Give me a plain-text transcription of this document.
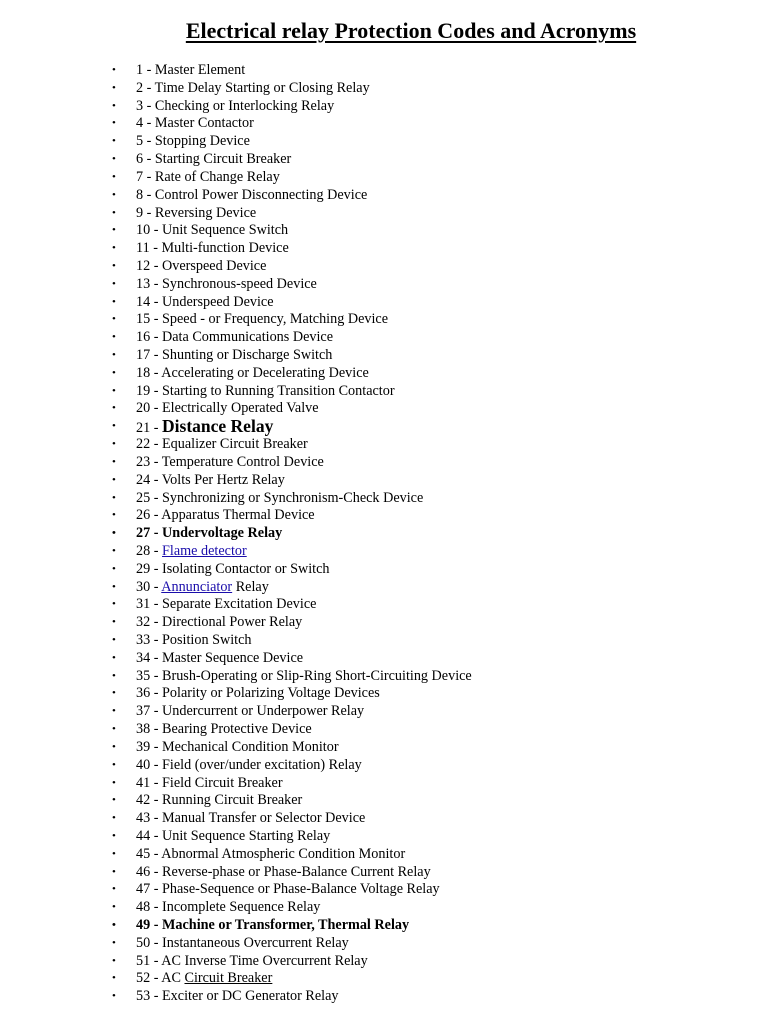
Electrical relay Protection Codes and Acronyms
• 1 - Master Element
• 2 - Time Delay Starting or Closing Relay
• 3 - Checking or Interlocking Relay
• 4 - Master Contactor
• 5 - Stopping Device
• 6 - Starting Circuit Breaker
• 7 - Rate of Change Relay
• 8 - Control Power Disconnecting Device
• 9 - Reversing Device
• 10 - Unit Sequence Switch
• 11 - Multi-function Device
• 12 - Overspeed Device
• 13 - Synchronous-speed Device
• 14 - Underspeed Device
• 15 - Speed - or Frequency, Matching Device
• 16 - Data Communications Device
• 17 - Shunting or Discharge Switch
• 18 - Accelerating or Decelerating Device
• 19 - Starting to Running Transition Contactor
• 20 - Electrically Operated Valve
• 21 - Distance Relay
• 22 - Equalizer Circuit Breaker
• 23 - Temperature Control Device
• 24 - Volts Per Hertz Relay
• 25 - Synchronizing or Synchronism-Check Device
• 26 - Apparatus Thermal Device
• 27 - Undervoltage Relay
• 28 - Flame detector
• 29 - Isolating Contactor or Switch
• 30 - Annunciator Relay
• 31 - Separate Excitation Device
• 32 - Directional Power Relay
• 33 - Position Switch
• 34 - Master Sequence Device
• 35 - Brush-Operating or Slip-Ring Short-Circuiting Device
• 36 - Polarity or Polarizing Voltage Devices
• 37 - Undercurrent or Underpower Relay
• 38 - Bearing Protective Device
• 39 - Mechanical Condition Monitor
• 40 - Field (over/under excitation) Relay
• 41 - Field Circuit Breaker
• 42 - Running Circuit Breaker
• 43 - Manual Transfer or Selector Device
• 44 - Unit Sequence Starting Relay
• 45 - Abnormal Atmospheric Condition Monitor
• 46 - Reverse-phase or Phase-Balance Current Relay
• 47 - Phase-Sequence or Phase-Balance Voltage Relay
• 48 - Incomplete Sequence Relay
• 49 - Machine or Transformer, Thermal Relay
• 50 - Instantaneous Overcurrent Relay
• 51 - AC Inverse Time Overcurrent Relay
• 52 - AC Circuit Breaker
• 53 - Exciter or DC Generator Relay
